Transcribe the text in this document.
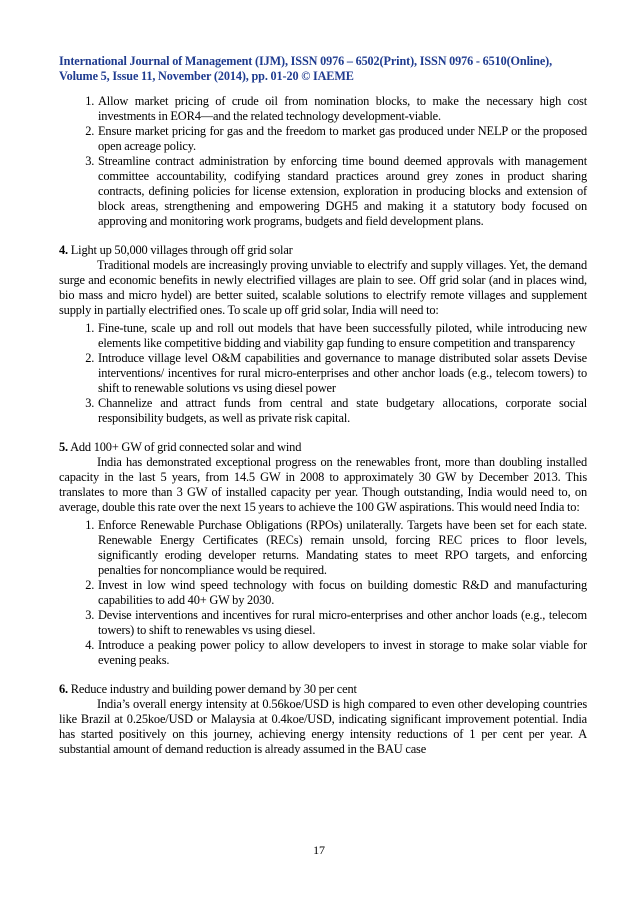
International Journal of Management (IJM), ISSN 0976 – 6502(Print), ISSN 0976 - 6510(Online),
Volume 5, Issue 11, November (2014), pp. 01-20 © IAEME
1. Allow market pricing of crude oil from nomination blocks, to make the necessary high cost investments in EOR4—and the related technology development-viable.
2. Ensure market pricing for gas and the freedom to market gas produced under NELP or the proposed open acreage policy.
3. Streamline contract administration by enforcing time bound deemed approvals with management committee accountability, codifying standard practices around grey zones in product sharing contracts, defining policies for license extension, exploration in producing blocks and extension of block areas, strengthening and empowering DGH5 and making it a statutory body focused on approving and monitoring work programs, budgets and field development plans.
4. Light up 50,000 villages through off grid solar

Traditional models are increasingly proving unviable to electrify and supply villages. Yet, the demand surge and economic benefits in newly electrified villages are plain to see. Off grid solar (and in places wind, bio mass and micro hydel) are better suited, scalable solutions to electrify remote villages and supplement supply in partially electrified ones. To scale up off grid solar, India will need to:

1. Fine-tune, scale up and roll out models that have been successfully piloted, while introducing new elements like competitive bidding and viability gap funding to ensure competition and transparency
2. Introduce village level O&M capabilities and governance to manage distributed solar assets Devise interventions/ incentives for rural micro-enterprises and other anchor loads (e.g., telecom towers) to shift to renewable solutions vs using diesel power
3. Channelize and attract funds from central and state budgetary allocations, corporate social responsibility budgets, as well as private risk capital.
5. Add 100+ GW of grid connected solar and wind

India has demonstrated exceptional progress on the renewables front, more than doubling installed capacity in the last 5 years, from 14.5 GW in 2008 to approximately 30 GW by December 2013. This translates to more than 3 GW of installed capacity per year. Though outstanding, India would need to, on average, double this rate over the next 15 years to achieve the 100 GW aspirations. This would need India to:

1. Enforce Renewable Purchase Obligations (RPOs) unilaterally. Targets have been set for each state. Renewable Energy Certificates (RECs) remain unsold, forcing REC prices to floor levels, significantly eroding developer returns. Mandating states to meet RPO targets, and enforcing penalties for noncompliance would be required.
2. Invest in low wind speed technology with focus on building domestic R&D and manufacturing capabilities to add 40+ GW by 2030.
3. Devise interventions and incentives for rural micro-enterprises and other anchor loads (e.g., telecom towers) to shift to renewables vs using diesel.
4. Introduce a peaking power policy to allow developers to invest in storage to make solar viable for evening peaks.
6. Reduce industry and building power demand by 30 per cent

India’s overall energy intensity at 0.56koe/USD is high compared to even other developing countries like Brazil at 0.25koe/USD or Malaysia at 0.4koe/USD, indicating significant improvement potential. India has started positively on this journey, achieving energy intensity reductions of 1 per cent per year. A substantial amount of demand reduction is already assumed in the BAU case

17
